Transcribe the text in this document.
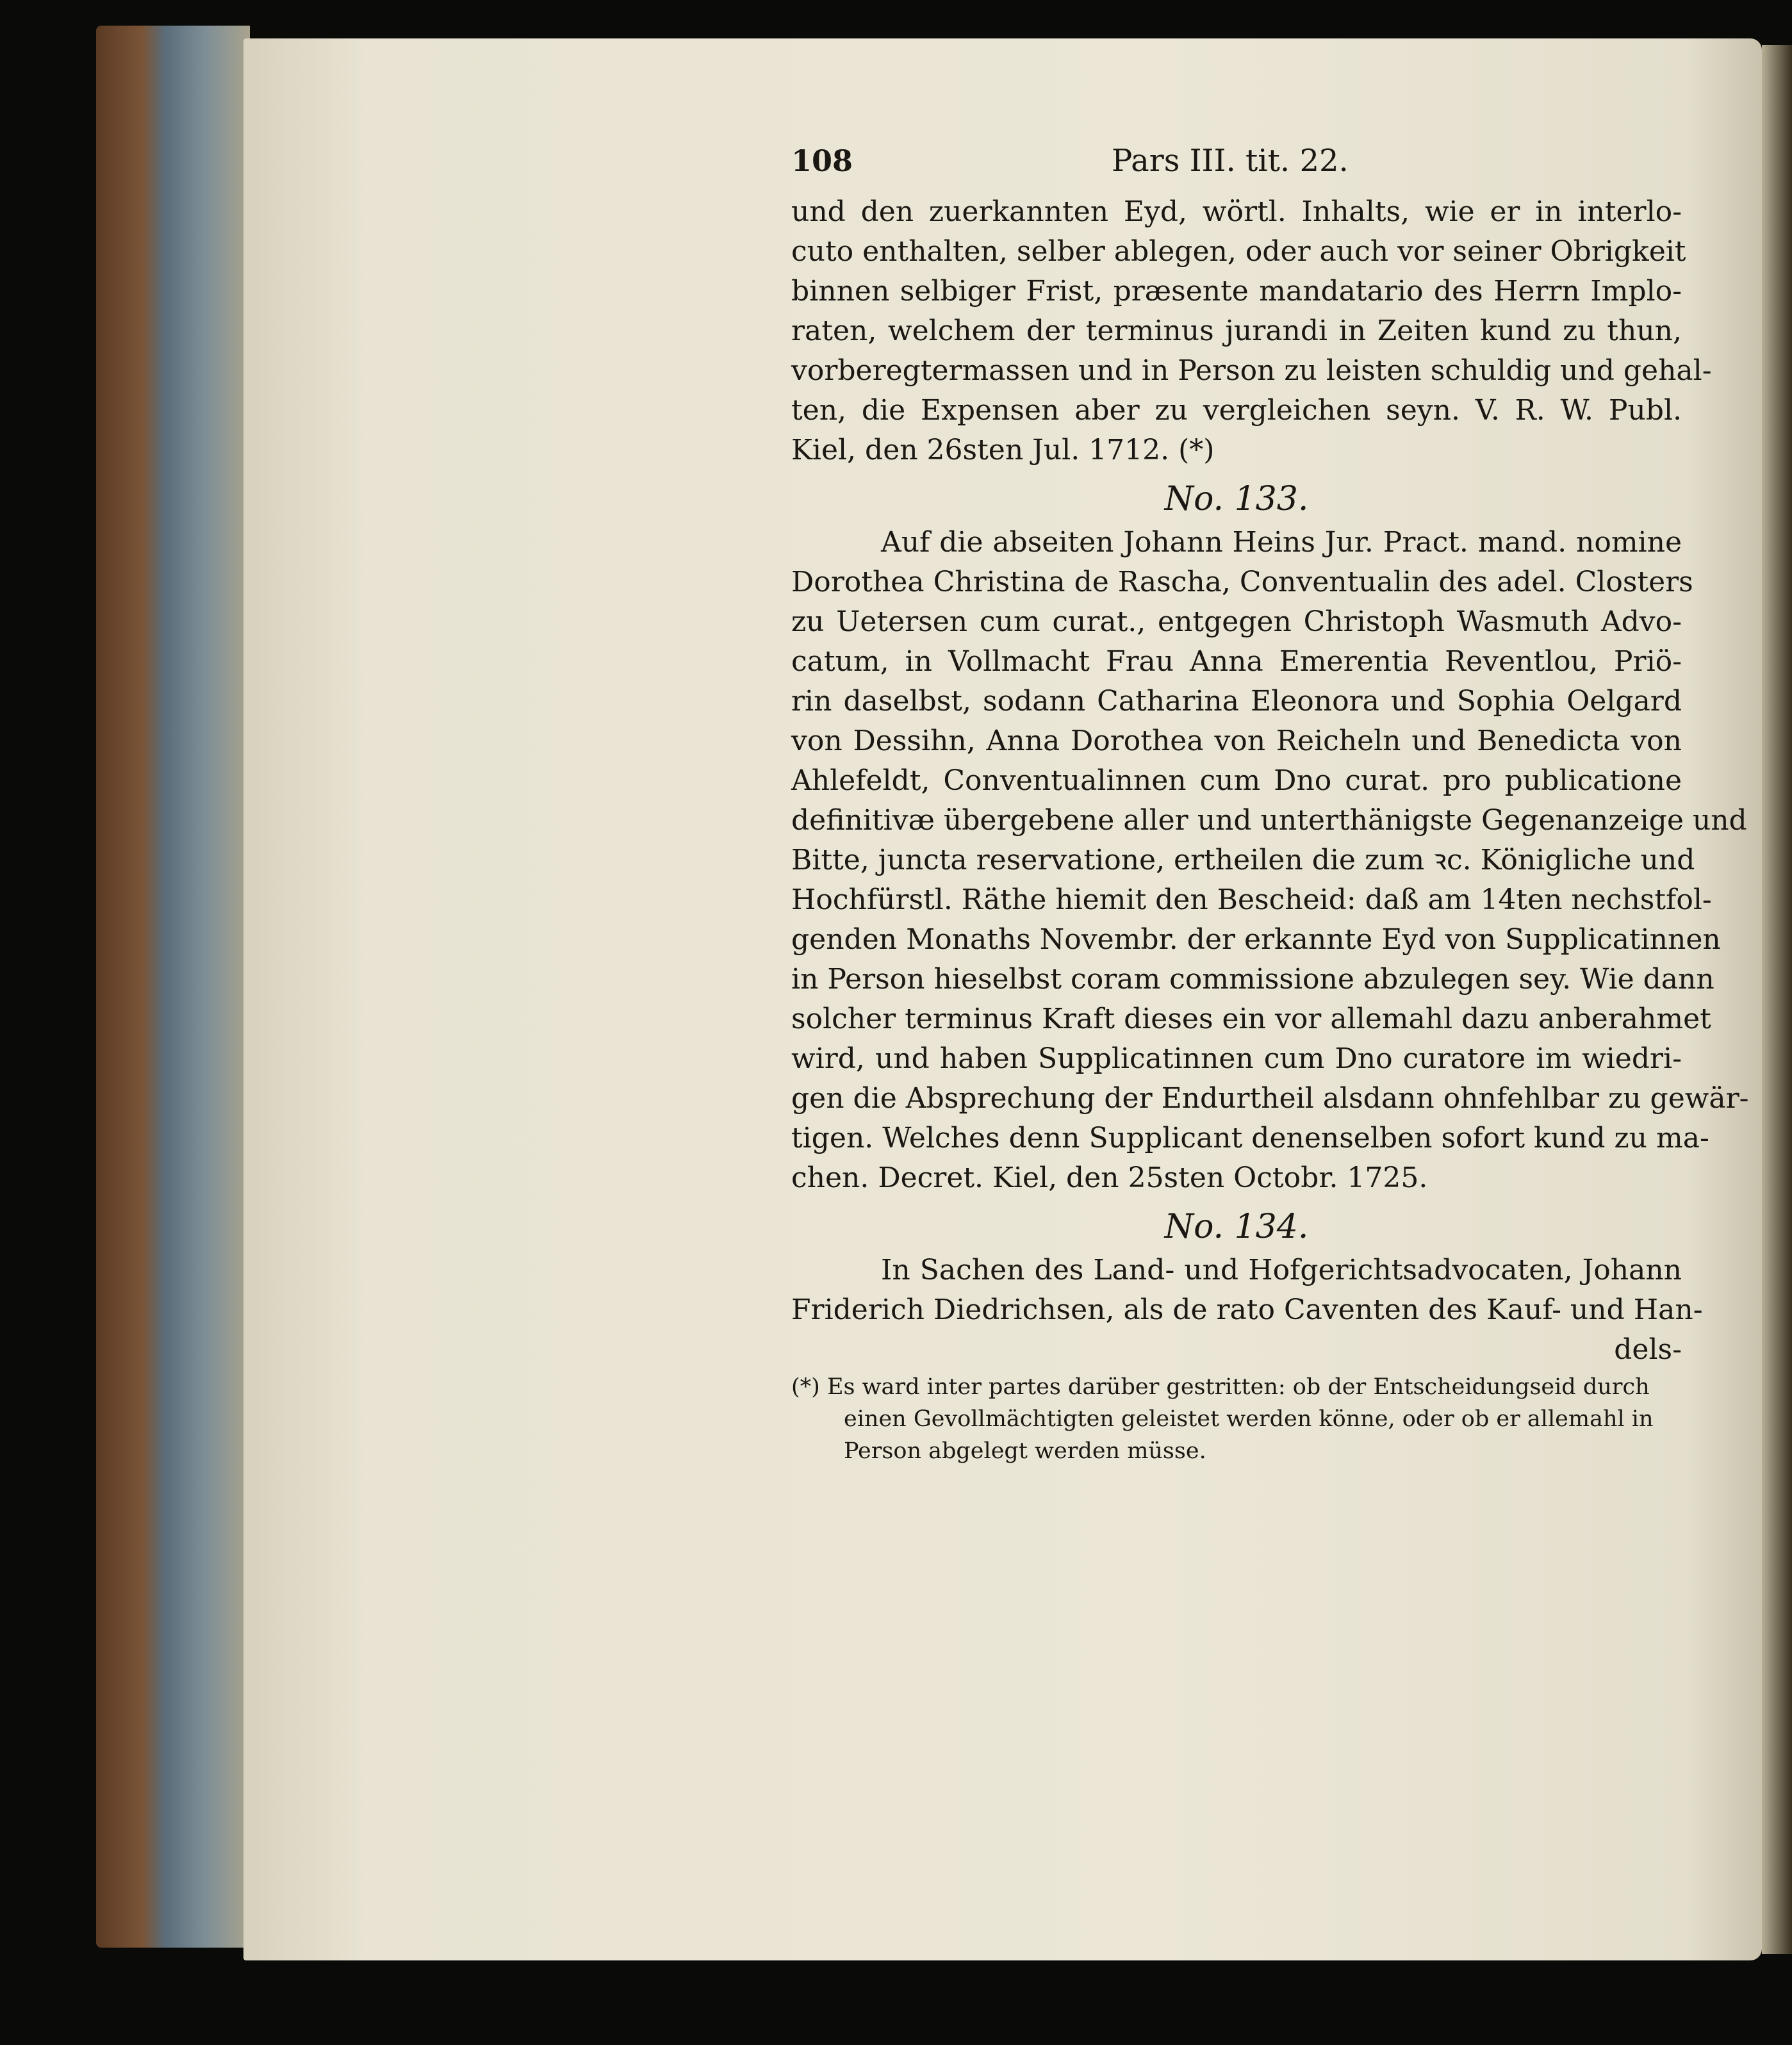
108	Pars III. tit. 22.
und den zuerkannten Eyd, wörtl. Inhalts, wie er in interlo-
cuto enthalten, selber ablegen, oder auch vor seiner Obrigkeit
binnen selbiger Frist, præsente mandatario des Herrn Implo-
raten, welchem der terminus jurandi in Zeiten kund zu thun,
vorberegtermassen und in Person zu leisten schuldig und gehal-
ten, die Expensen aber zu vergleichen seyn. V. R. W. Publ.
Kiel, den 26sten Jul. 1712. (*)
No. 133.
Auf die abseiten Johann Heins Jur. Pract. mand. nomine
Dorothea Christina de Rascha, Conventualin des adel. Closters
zu Uetersen cum curat., entgegen Christoph Wasmuth Advo-
catum, in Vollmacht Frau Anna Emerentia Reventlou, Priö-
rin daselbst, sodann Catharina Eleonora und Sophia Oelgard
von Dessihn, Anna Dorothea von Reicheln und Benedicta von
Ahlefeldt, Conventualinnen cum Dno curat. pro publicatione
definitivæ übergebene aller und unterthänigste Gegenanzeige und
Bitte, juncta reservatione, ertheilen die zum ꝛc. Königliche und
Hochfürstl. Räthe hiemit den Bescheid: daß am 14ten nechstfol-
genden Monaths Novembr. der erkannte Eyd von Supplicatinnen
in Person hieselbst coram commissione abzulegen sey. Wie dann
solcher terminus Kraft dieses ein vor allemahl dazu anberahmet
wird, und haben Supplicatinnen cum Dno curatore im wiedri-
gen die Absprechung der Endurtheil alsdann ohnfehlbar zu gewär-
tigen. Welches denn Supplicant denenselben sofort kund zu ma-
chen. Decret. Kiel, den 25sten Octobr. 1725.
No. 134.
In Sachen des Land- und Hofgerichtsadvocaten, Johann
Friderich Diedrichsen, als de rato Caventen des Kauf- und Han-
dels-
(*) Es ward inter partes darüber gestritten: ob der Entscheidungseid durch
einen Gevollmächtigten geleistet werden könne, oder ob er allemahl in
Person abgelegt werden müsse.
